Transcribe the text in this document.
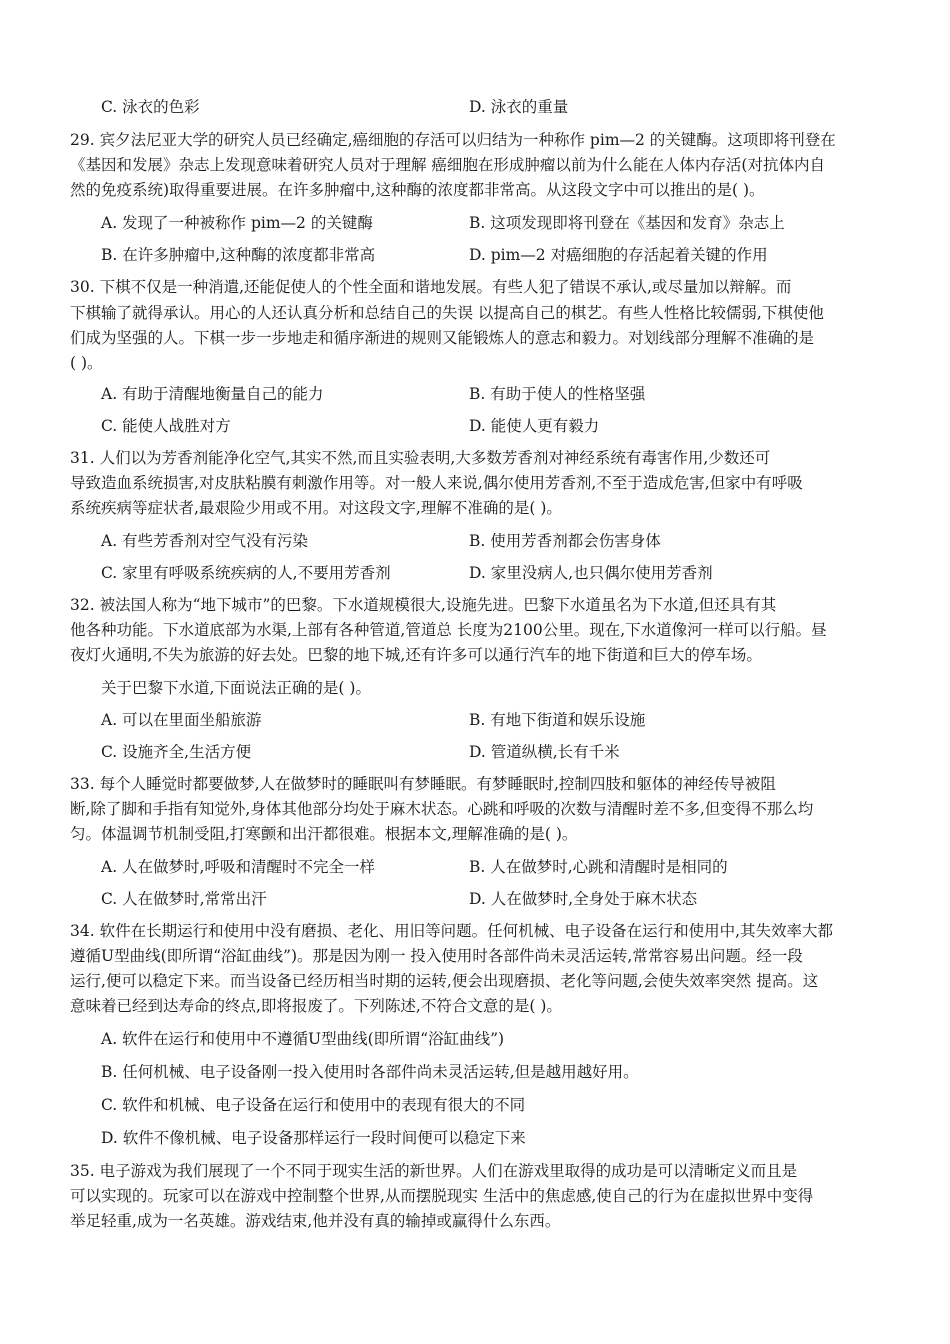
C. 泳衣的色彩	D. 泳衣的重量
29. 宾夕法尼亚大学的研究人员已经确定,癌细胞的存活可以归结为一种称作 pim—2 的关键酶。这项即将刊登在
《基因和发展》杂志上发现意味着研究人员对于理解 癌细胞在形成肿瘤以前为什么能在人体内存活(对抗体内自
然的免疫系统)取得重要进展。在许多肿瘤中,这种酶的浓度都非常高。从这段文字中可以推出的是( )。
A. 发现了一种被称作 pim—2 的关键酶	B. 这项发现即将刊登在《基因和发育》杂志上
B. 在许多肿瘤中,这种酶的浓度都非常高	D. pim—2 对癌细胞的存活起着关键的作用
30. 下棋不仅是一种消遣,还能促使人的个性全面和谐地发展。有些人犯了错误不承认,或尽量加以辩解。而
下棋输了就得承认。用心的人还认真分析和总结自己的失误 以提高自己的棋艺。有些人性格比较儒弱,下棋使他
们成为坚强的人。下棋一步一步地走和循序渐进的规则又能锻炼人的意志和毅力。对划线部分理解不准确的是
( )。
A. 有助于清醒地衡量自己的能力	B. 有助于使人的性格坚强
C. 能使人战胜对方	D. 能使人更有毅力
31. 人们以为芳香剂能净化空气,其实不然,而且实验表明,大多数芳香剂对神经系统有毒害作用,少数还可
导致造血系统损害,对皮肤粘膜有刺激作用等。对一般人来说,偶尔使用芳香剂,不至于造成危害,但家中有呼吸
系统疾病等症状者,最艰险少用或不用。对这段文字,理解不准确的是( )。
A. 有些芳香剂对空气没有污染	B. 使用芳香剂都会伤害身体
C. 家里有呼吸系统疾病的人,不要用芳香剂	D. 家里没病人,也只偶尔使用芳香剂
32. 被法国人称为“地下城市”的巴黎。下水道规模很大,设施先进。巴黎下水道虽名为下水道,但还具有其
他各种功能。下水道底部为水渠,上部有各种管道,管道总 长度为2100公里。现在,下水道像河一样可以行船。昼
夜灯火通明,不失为旅游的好去处。巴黎的地下城,还有许多可以通行汽车的地下街道和巨大的停车场。
关于巴黎下水道,下面说法正确的是( )。
A. 可以在里面坐船旅游	B. 有地下街道和娱乐设施
C. 设施齐全,生活方便	D. 管道纵横,长有千米
33. 每个人睡觉时都要做梦,人在做梦时的睡眠叫有梦睡眠。有梦睡眠时,控制四肢和躯体的神经传导被阻
断,除了脚和手指有知觉外,身体其他部分均处于麻木状态。心跳和呼吸的次数与清醒时差不多,但变得不那么均
匀。体温调节机制受阻,打寒颤和出汗都很难。根据本文,理解准确的是( )。
A. 人在做梦时,呼吸和清醒时不完全一样	B. 人在做梦时,心跳和清醒时是相同的
C. 人在做梦时,常常出汗	D. 人在做梦时,全身处于麻木状态
34. 软件在长期运行和使用中没有磨损、老化、用旧等问题。任何机械、电子设备在运行和使用中,其失效率大都
遵循U型曲线(即所谓“浴缸曲线”)。那是因为刚一 投入使用时各部件尚未灵活运转,常常容易出问题。经一段
运行,便可以稳定下来。而当设备已经历相当时期的运转,便会出现磨损、老化等问题,会使失效率突然 提高。这
意味着已经到达寿命的终点,即将报废了。下列陈述,不符合文意的是( )。
A. 软件在运行和使用中不遵循U型曲线(即所谓“浴缸曲线”)
B. 任何机械、电子设备刚一投入使用时各部件尚未灵活运转,但是越用越好用。
C. 软件和机械、电子设备在运行和使用中的表现有很大的不同
D. 软件不像机械、电子设备那样运行一段时间便可以稳定下来
35. 电子游戏为我们展现了一个不同于现实生活的新世界。人们在游戏里取得的成功是可以清晰定义而且是
可以实现的。玩家可以在游戏中控制整个世界,从而摆脱现实 生活中的焦虑感,使自己的行为在虚拟世界中变得
举足轻重,成为一名英雄。游戏结束,他并没有真的输掉或赢得什么东西。
